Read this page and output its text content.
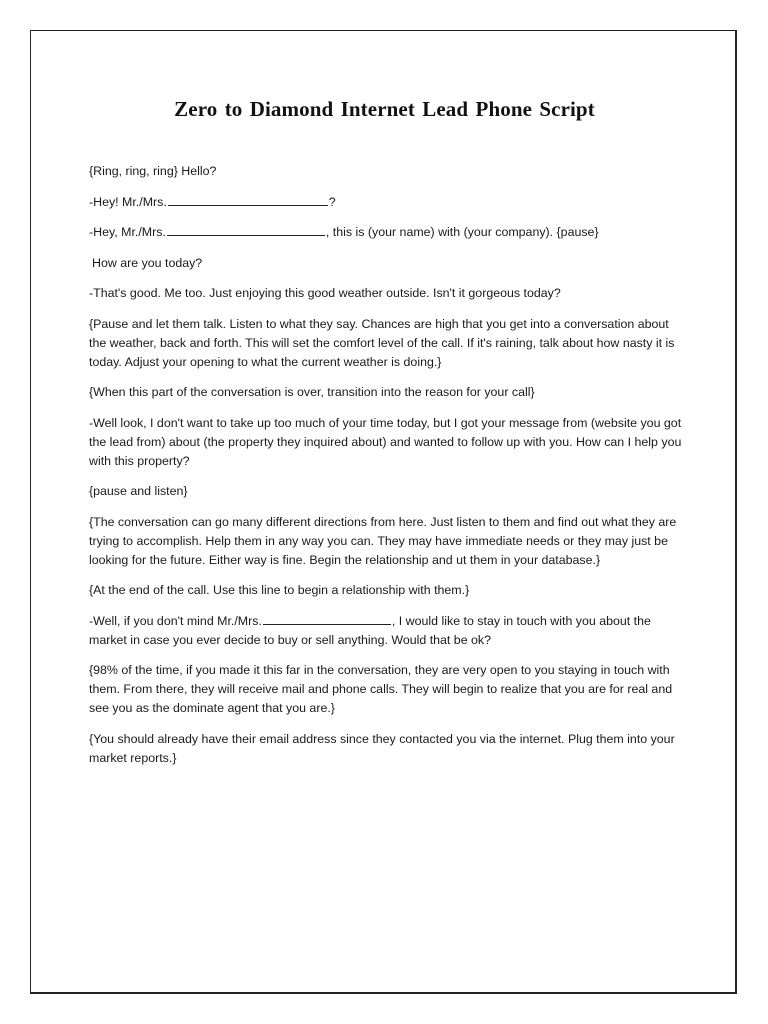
Zero to Diamond Internet Lead Phone Script

{Ring, ring, ring} Hello?

-Hey! Mr./Mrs.	?

-Hey, Mr./Mrs.	, this is (your name) with (your company). {pause}

How are you today?

-That's good. Me too. Just enjoying this good weather outside. Isn't it gorgeous today?

{Pause and let them talk. Listen to what they say. Chances are high that you get into a conversation about the weather, back and forth. This will set the comfort level of the call. If it's raining, talk about how nasty it is today. Adjust your opening to what the current weather is doing.}

{When this part of the conversation is over, transition into the reason for your call}

-Well look, I don't want to take up too much of your time today, but I got your message from (website you got the lead from) about (the property they inquired about) and wanted to follow up with you. How can I help you with this property?

{pause and listen}

{The conversation can go many different directions from here. Just listen to them and find out what they are trying to accomplish. Help them in any way you can. They may have immediate needs or they may just be looking for the future. Either way is fine. Begin the relationship and ut them in your database.}

{At the end of the call. Use this line to begin a relationship with them.}

-Well, if you don't mind Mr./Mrs.	, I would like to stay in touch with you about the market in case you ever decide to buy or sell anything. Would that be ok?

{98% of the time, if you made it this far in the conversation, they are very open to you staying in touch with them. From there, they will receive mail and phone calls. They will begin to realize that you are for real and see you as the dominate agent that you are.}

{You should already have their email address since they contacted you via the internet. Plug them into your market reports.}
